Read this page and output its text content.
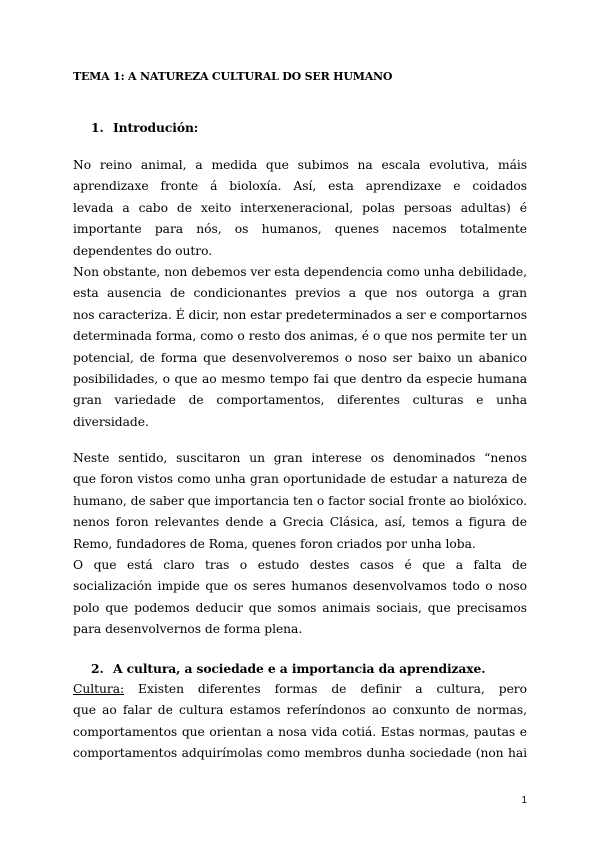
TEMA 1: A NATUREZA CULTURAL DO SER HUMANO
1. Introdución:
No reino animal, a medida que subimos na escala evolutiva, máis
aprendizaxe fronte á bioloxía. Así, esta aprendizaxe e coidados
levada a cabo de xeito interxeneracional, polas persoas adultas) é
importante para nós, os humanos, quenes nacemos totalmente
dependentes do outro.
Non obstante, non debemos ver esta dependencia como unha debilidade,
esta ausencia de condicionantes previos a que nos outorga a gran
nos caracteriza. É dicir, non estar predeterminados a ser e comportarnos
determinada forma, como o resto dos animas, é o que nos permite ter un
potencial, de forma que desenvolveremos o noso ser baixo un abanico
posibilidades, o que ao mesmo tempo fai que dentro da especie humana
gran variedade de comportamentos, diferentes culturas e unha
diversidade.
Neste sentido, suscitaron un gran interese os denominados “nenos
que foron vistos como unha gran oportunidade de estudar a natureza de
humano, de saber que importancia ten o factor social fronte ao biolóxico.
nenos foron relevantes dende a Grecia Clásica, así, temos a figura de
Remo, fundadores de Roma, quenes foron criados por unha loba.
O que está claro tras o estudo destes casos é que a falta de
socialización impide que os seres humanos desenvolvamos todo o noso
polo que podemos deducir que somos animais sociais, que precisamos
para desenvolvernos de forma plena.
2. A cultura, a sociedade e a importancia da aprendizaxe.
Cultura: Existen diferentes formas de definir a cultura, pero
que ao falar de cultura estamos referíndonos ao conxunto de normas,
comportamentos que orientan a nosa vida cotiá. Estas normas, pautas e
comportamentos adquirímolas como membros dunha sociedade (non hai
1
